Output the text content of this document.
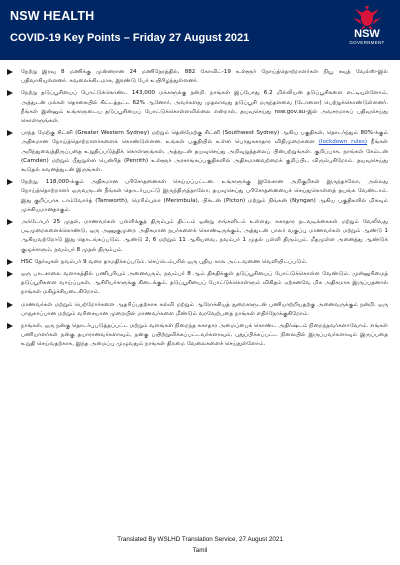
NSW HEALTH
COVID-19 Key Points – Friday 27 August 2021	NSW
GOVERNMENT
நேற்று இரவு 8 மணிக்கு முன்னரான 24 மணிநேரத்தில், 882 கோவிட்-19 உள்ளூர் நோய்த்தொற்றாளர்கள் நியூ சவுத் வேல்ஸ்-இல் பதிவாகியுள்ளனர். கவலைக்கிடமாக, இரண்டு பேர் உயிரிழந்துள்ளனர்.
நேற்று தடுப்பூசியைப் போட்டுக்கொண்ட 143,000 மக்களுக்கு நன்றி. நாங்கள் இப்போது 6.2 மில்லியன் தடுப்பூசிகளை எட்டியுள்ளோம், அத்துடன் மக்கள் தொகையில் கிட்டத்தட்ட 62% ஆனோர், அவர்களது முதலாவது தடுப்பூசி மருந்தளவை (டோஸை) பெற்றுக்கொண்டுள்ளனர். நீங்கள் இன்னும் உங்களுடைய தடுப்பூசியைப் போட்டுக்கொள்ளவில்லை என்றால், தயவுசெய்து nsw.gov.au-இல் அவசரமாகப் பதிவுசெய்து கொள்ளுங்கள்.
பரந்த மேற்கு சிட்னி (Greater Western Sydney) மற்றும் தென்மேற்கு சிட்னி (Southwest Sydney) ஆகிய பகுதிகள், தொடர்ந்தும் 80%-க்கும் அதிகமான நோய்த்தொற்றாளர்களைக் கொண்டுள்ளன. உங்கள் பகுதியில் உள்ள பொதுசுகாதார விதிமுறைகளை (lockdown rules) நீங்கள் அறிந்துவைத்திருப்பதை உறுதிப்படுத்திக் கொள்ளுங்கள், அத்துடன் தயவுசெய்து அறிவுறுத்தலைப் பின்பற்றுங்கள். குறிப்பாக, நாங்கள் கேம்டன் (Camden) மற்றும் பீதுறுள்ள பென்ரித் (Penrith) உள்ளூர் அரசாங்கப்பகுதிகளில் அதிகமானவற்றைக் குறிப்பிட விரும்புகிறோம். தயவுசெய்து கூடுதல் கவனத்துடன் இருங்கள்.
நேற்று, 118,000-க்கும் அதிகமான பரிசோதனைகள் செய்யப்பட்டன. உங்களுக்கு இலேசான அறிகுறிகள் இருந்தாலோ, அல்லது நோய்த்தொற்றாளர் ஒருவருடன் நீங்கள் தொடர்புபட்டு இருந்திருந்தாலோ, தயவுசெய்து பரிசோதனையைச் செய்துகொள்ளத் தயங்க வேண்டாம். இது குறிப்பாக டாம்வோர்த் (Tamworth), மெரிம்புலா (Merimbula), பிக்டன் (Picton) மற்றும் நிங்கன் (Nyngan) ஆகிய பகுதிகளில் மிகவும் முக்கியமானதாகும்.
அக்டோபர் 25 முதல், மாணவர்கள் பள்ளிக்குத் திரும்பும் திட்டம் ஒன்று எங்களிடம் உள்ளது. சுகாதார நடவடிக்கைகள் மற்றும் வேலிவது படிமுறைகளைக்கொண்டு, ஒரு அணுகுமுறை அதிகமான நபர்களைக் கொண்டிருக்கும், அத்துடன் பாலர் வகுப்பு மாணவர்கள் மற்றும் ஆண்டு 1 ஆகியவற்றோடு இது தொடங்கப்படும். ஆண்டு 2, 6 மற்றும் 11 ஆகியவை, நவம்பர் 1 முதல் பள்ளி திரும்பும். மீதமுள்ள அனைத்து ஆண்டுக் குழுக்களும், நவம்பர் 8 முதல் திரும்பும்.
HSC தேர்வுகள் நவம்பர் 9 வரை தாமதிக்கப்படும். செப்டெம்பரில் ஒரு புதிய கால அட்டவணை வெளியிடப்படும்.
ஒரு பாடசாலை வளாகத்தில் பணிபுரியும் அனைவரும், நவம்பர் 8 ஆம் திகதிக்குள் தடுப்பூசியைப் போட்டுக்கொள்ள வேண்டும். முன்னுரிமைத் தடுப்பூசிகளை வாய்ப்புகள், ஆசிரியர்களுக்கு கிடைக்கும். தடுப்பூசியைப் போட்டுக்கொள்ளும் விகிதம் ஏற்கனவே மிக அதிகமாக இருப்பதனால் நாங்கள் மகிழ்ச்சியடைகிறோம்.
மாணவர்கள் மற்றும் பெற்றோர்களை ஆதரிப்பதற்காக கல்வி மற்றும் ஆரோக்கியத் துறைகளுடன் பணியாற்றியதற்கு அனைவருக்கும் நன்றி. ஒரு பாதுகாப்பான மற்றும் வரிசையான முறையில் மாணவர்களை மீண்டும் வரவேற்பதை நாங்கள் எதிர்நோக்குகிறோம்.
நாங்கள், ஒரு நன்கு தொடர்புபடுத்தப்பட்ட மற்றும் வளங்கள் நிறைந்த சுகாதார அமைப்பைக் கொண்ட அதிர்ஷ்டம் நிறைந்தவர்களாவோம். எங்கள் பணியாளர்கள் நன்கு தயாரானவர்களாவும், நன்கு பயிற்றுவிக்கப்பட்டவர்களாவும், புதுப்பிக்கப்பட்ட நிலையில் இருப்பவர்களாவும் இருப்பதை உறுதி செய்வதற்காக, இந்த அமைப்பு முழுவதும் நாங்கள் திறமை வேலைகளைச் செய்துள்ளோம்.
Translated By WSLHD Translation Service, 27 August 2021
Tamil
